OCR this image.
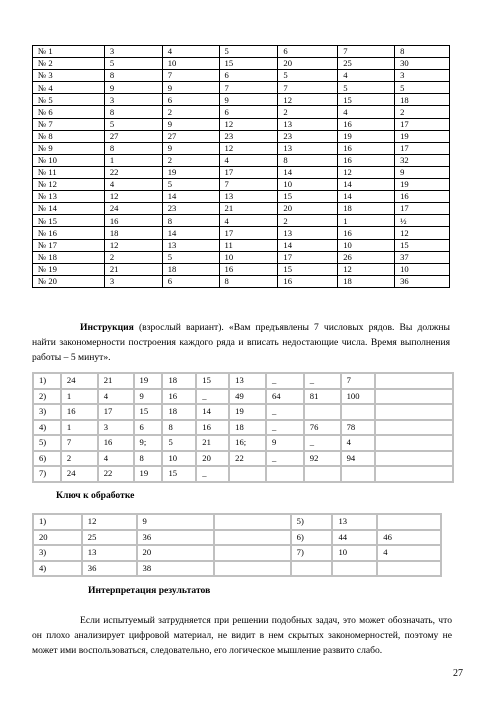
№ 1	3	4	5	6	7	8
№ 2	5	10	15	20	25	30
№ 3	8	7	6	5	4	3
№ 4	9	9	7	7	5	5
№ 5	3	6	9	12	15	18
№ 6	8	2	6	2	4	2
№ 7	5	9	12	13	16	17
№ 8	27	27	23	23	19	19
№ 9	8	9	12	13	16	17
№ 10	1	2	4	8	16	32
№ 11	22	19	17	14	12	9
№ 12	4	5	7	10	14	19
№ 13	12	14	13	15	14	16
№ 14	24	23	21	20	18	17
№ 15	16	8	4	2	1	½
№ 16	18	14	17	13	16	12
№ 17	12	13	11	14	10	15
№ 18	2	5	10	17	26	37
№ 19	21	18	16	15	12	10
№ 20	3	6	8	16	18	36
Инструкция (взрослый вариант). «Вам предъявлены 7 числовых рядов. Вы должны найти закономерности построения каждого ряда и вписать недостающие числа. Время выполнения работы – 5 минут».
1)	24	21	19	18	15	13	_	_	7	
2)	1	4	9	16	_	49	64	81	100	
3)	16	17	15	18	14	19	_			
4)	1	3	6	8	16	18	_	76	78	
5)	7	16	9;	5	21	16;	9	_	4	
6)	2	4	8	10	20	22	_	92	94	
7)	24	22	19	15	_					
Ключ к обработке
1)	12	9		5)	13	
20	25	36		6)	44	46
3)	13	20		7)	10	4
4)	36	38				
Интерпретация результатов
Если испытуемый затрудняется при решении подобных задач, это может обозначать, что он плохо анализирует цифровой материал, не видит в нем скрытых закономерностей, поэтому не может ими воспользоваться, следовательно, его логическое мышление развито слабо.
27
